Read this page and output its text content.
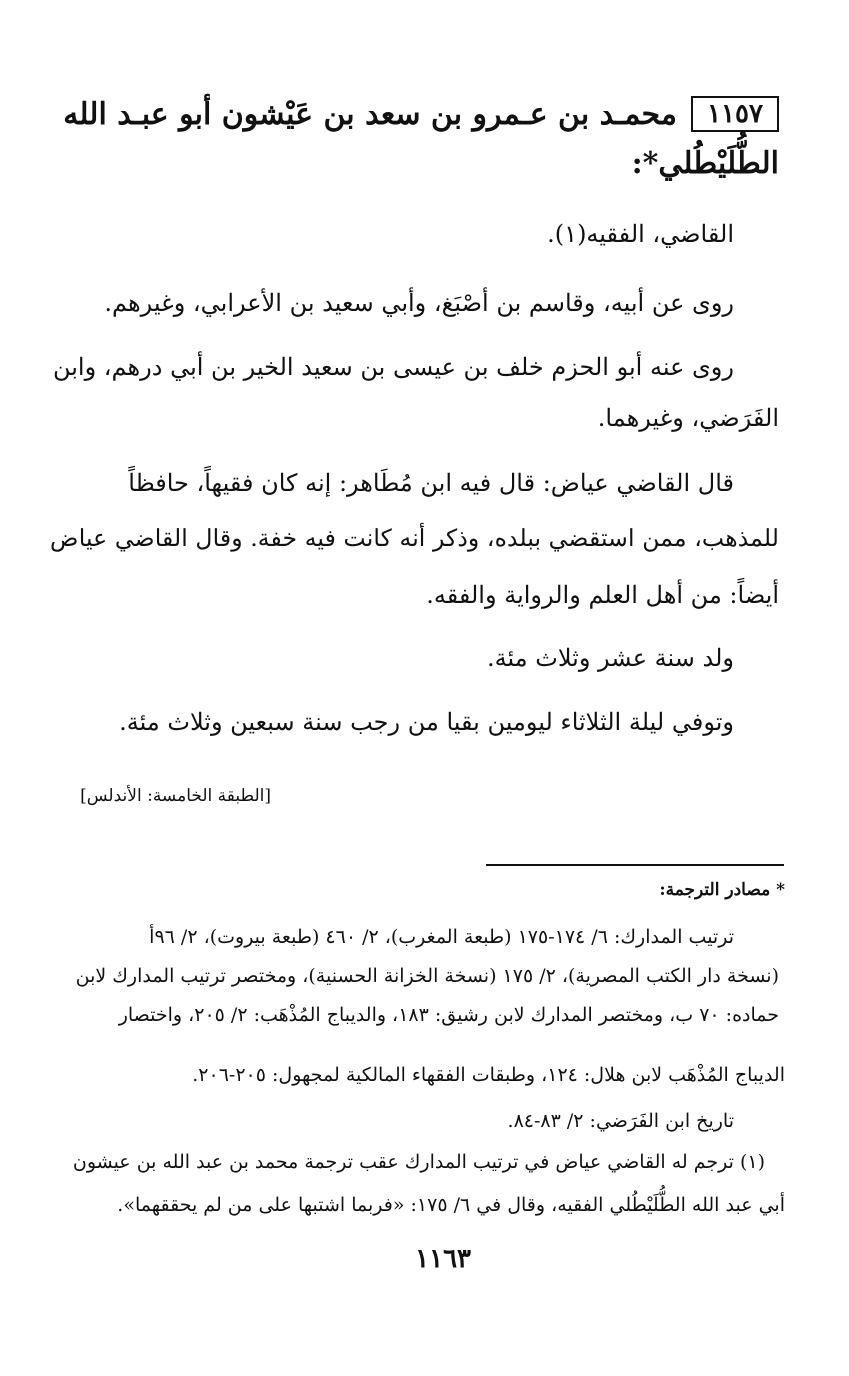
١١٥٧
محمـد بن عـمرو بن سعد بن عَيْشون أبو عبـد الله
الطُّلَيْطُلي*:
القاضي، الفقيه(١).
روى عن أبيه، وقاسم بن أصْبَغ، وأبي سعيد بن الأعرابي، وغيرهم.
روى عنه أبو الحزم خلف بن عيسى بن سعيد الخير بن أبي درهم، وابن
الفَرَضي، وغيرهما.
قال القاضي عياض: قال فيه ابن مُطَاهر: إنه كان فقيهاً، حافظاً
للمذهب، ممن استقضي ببلده، وذكر أنه كانت فيه خفة. وقال القاضي عياض
أيضاً: من أهل العلم والرواية والفقه.
ولد سنة عشر وثلاث مئة.
وتوفي ليلة الثلاثاء ليومين بقيا من رجب سنة سبعين وثلاث مئة.
[الطبقة الخامسة: الأندلس]
* مصادر الترجمة:
ترتيب المدارك: ٦/ ١٧٤-١٧٥ (طبعة المغرب)، ٢/ ٤٦٠ (طبعة بيروت)، ٢/ ٩٦أ
(نسخة دار الكتب المصرية)، ٢/ ١٧٥ (نسخة الخزانة الحسنية)، ومختصر ترتيب المدارك لابن
حماده: ٧٠ ب، ومختصر المدارك لابن رشيق: ١٨٣، والديباج المُذْهَب: ٢/ ٢٠٥، واختصار
الديباج المُذْهَب لابن هلال: ١٢٤، وطبقات الفقهاء المالكية لمجهول: ٢٠٥-٢٠٦.
تاريخ ابن الفَرَضي: ٢/ ٨٣-٨٤.
(١) ترجم له القاضي عياض في ترتيب المدارك عقب ترجمة محمد بن عبد الله بن عيشون
أبي عبد الله الطُّلَيْطُلي الفقيه، وقال في ٦/ ١٧٥: «فربما اشتبها على من لم يحققهما».
١١٦٣
